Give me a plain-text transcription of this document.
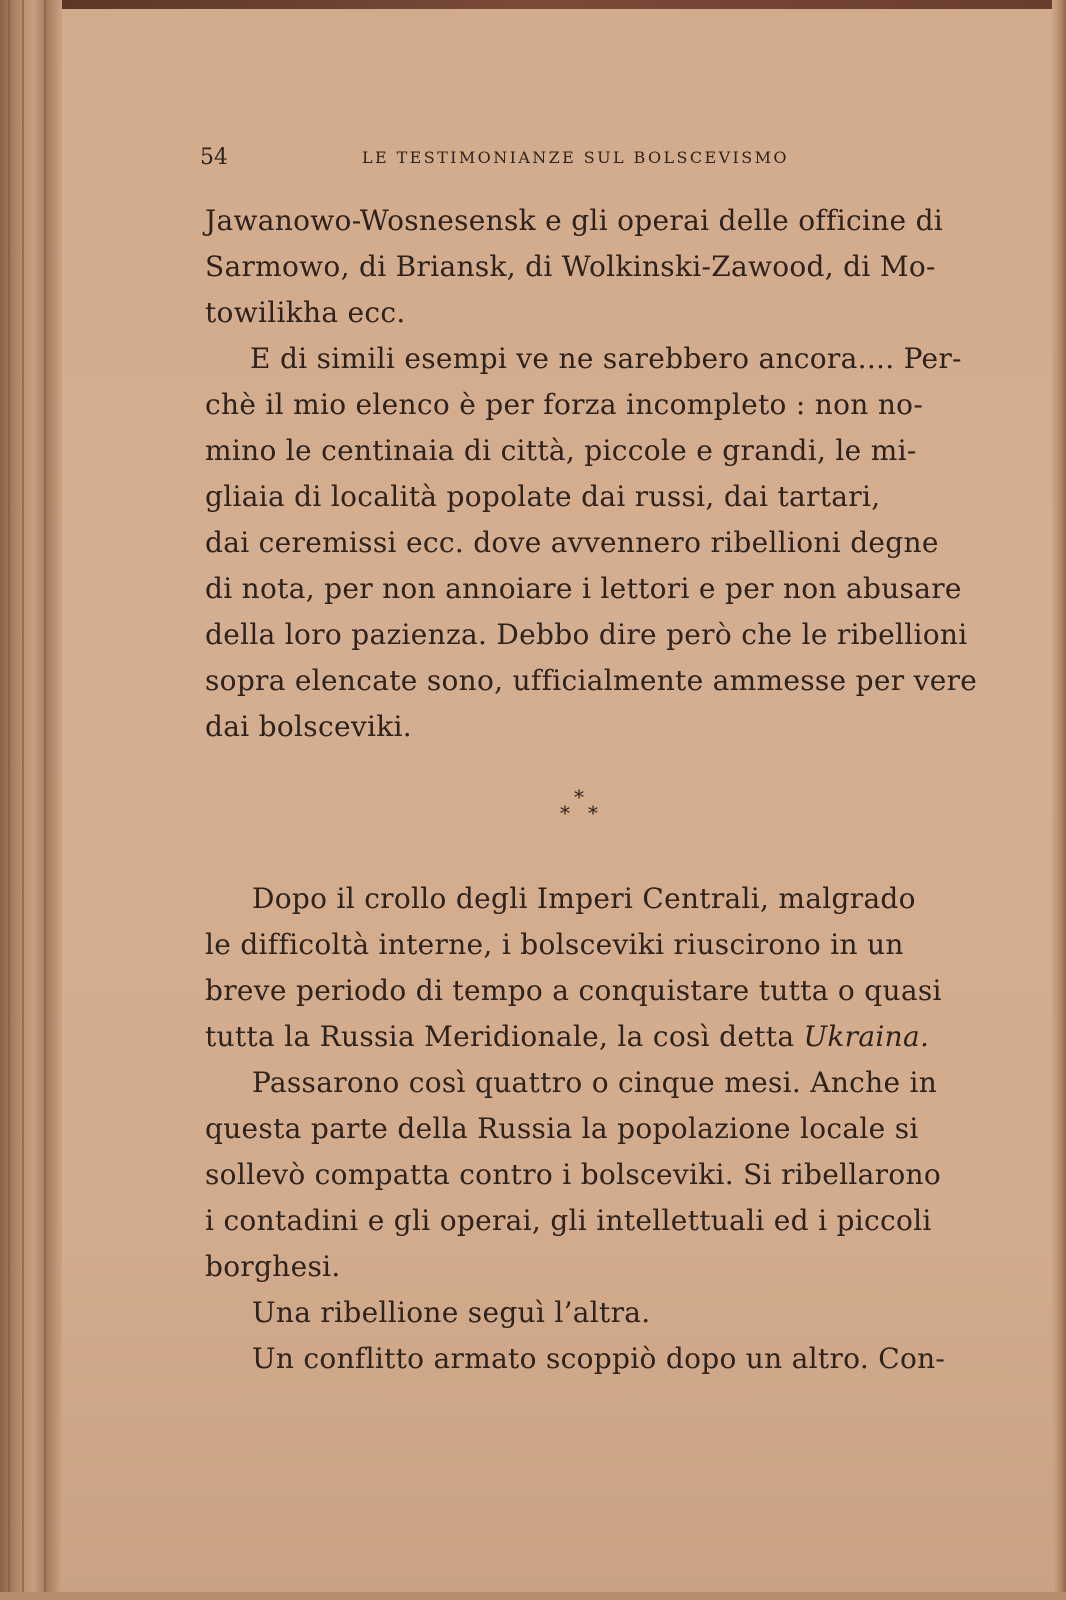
54	LE TESTIMONIANZE SUL BOLSCEVISMO
Jawanowo-Wosnesensk e gli operai delle officine di
Sarmowo, di Briansk, di Wolkinski-Zawood, di Mo-
towilikha ecc.
E di simili esempi ve ne sarebbero ancora.... Per-
chè il mio elenco è per forza incompleto : non no-
mino le centinaia di città, piccole e grandi, le mi-
gliaia di località popolate dai russi, dai tartari,
dai ceremissi ecc. dove avvennero ribellioni degne
di nota, per non annoiare i lettori e per non abusare
della loro pazienza. Debbo dire però che le ribellioni
sopra elencate sono, ufficialmente ammesse per vere
dai bolsceviki.
*
* *
Dopo il crollo degli Imperi Centrali, malgrado
le difficoltà interne, i bolsceviki riuscirono in un
breve periodo di tempo a conquistare tutta o quasi
tutta la Russia Meridionale, la così detta Ukraina.
Passarono così quattro o cinque mesi. Anche in
questa parte della Russia la popolazione locale si
sollevò compatta contro i bolsceviki. Si ribellarono
i contadini e gli operai, gli intellettuali ed i piccoli
borghesi.
Una ribellione seguì l’altra.
Un conflitto armato scoppiò dopo un altro. Con-
